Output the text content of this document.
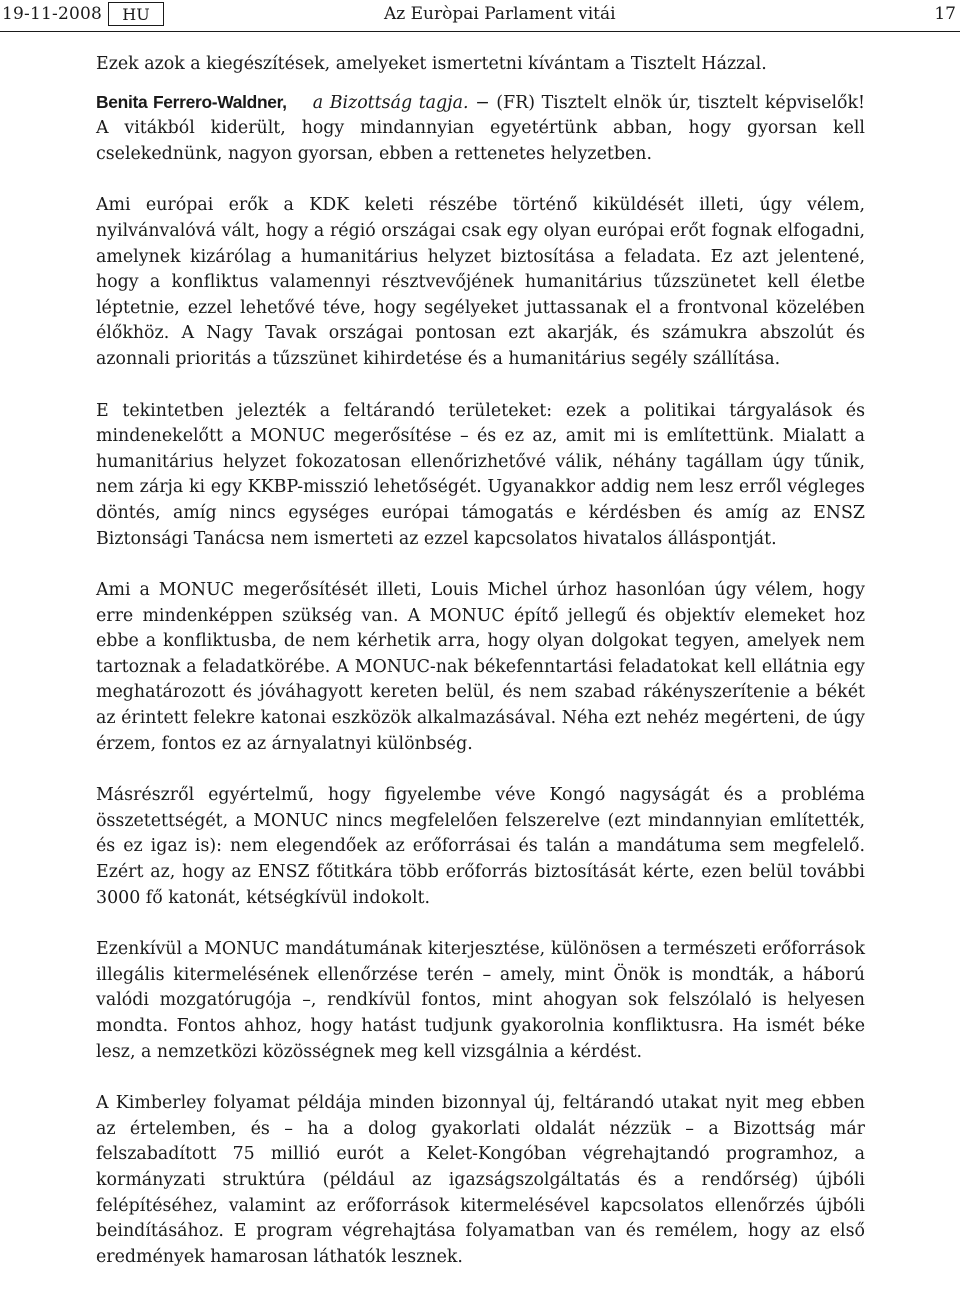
19-11-2008	HU	Az Euròpai Parlament vitái	17

Ezek azok a kiegészítések, amelyeket ismertetni kívántam a Tisztelt Házzal.

Benita Ferrero-Waldner, a Bizottság tagja. − (FR) Tisztelt elnök úr, tisztelt képviselők! A vitákból kiderült, hogy mindannyian egyetértünk abban, hogy gyorsan kell cselekednünk, nagyon gyorsan, ebben a rettenetes helyzetben.

Ami európai erők a KDK keleti részébe történő kiküldését illeti, úgy vélem, nyilvánvalóvá vált, hogy a régió országai csak egy olyan európai erőt fognak elfogadni, amelynek kizárólag a humanitárius helyzet biztosítása a feladata. Ez azt jelentené, hogy a konfliktus valamennyi résztvevőjének humanitárius tűzszünetet kell életbe léptetnie, ezzel lehetővé téve, hogy segélyeket juttassanak el a frontvonal közelében élőkhöz. A Nagy Tavak országai pontosan ezt akarják, és számukra abszolút és azonnali prioritás a tűzszünet kihirdetése és a humanitárius segély szállítása.

E tekintetben jelezték a feltárandó területeket: ezek a politikai tárgyalások és mindenekelőtt a MONUC megerősítése – és ez az, amit mi is említettünk. Mialatt a humanitárius helyzet fokozatosan ellenőrizhetővé válik, néhány tagállam úgy tűnik, nem zárja ki egy KKBP-misszió lehetőségét. Ugyanakkor addig nem lesz erről végleges döntés, amíg nincs egységes európai támogatás e kérdésben és amíg az ENSZ Biztonsági Tanácsa nem ismerteti az ezzel kapcsolatos hivatalos álláspontját.

Ami a MONUC megerősítését illeti, Louis Michel úrhoz hasonlóan úgy vélem, hogy erre mindenképpen szükség van. A MONUC építő jellegű és objektív elemeket hoz ebbe a konfliktusba, de nem kérhetik arra, hogy olyan dolgokat tegyen, amelyek nem tartoznak a feladatkörébe. A MONUC-nak békefenntartási feladatokat kell ellátnia egy meghatározott és jóváhagyott kereten belül, és nem szabad rákényszerítenie a békét az érintett felekre katonai eszközök alkalmazásával. Néha ezt nehéz megérteni, de úgy érzem, fontos ez az árnyalatnyi különbség.

Másrészről egyértelmű, hogy figyelembe véve Kongó nagyságát és a probléma összetettségét, a MONUC nincs megfelelően felszerelve (ezt mindannyian említették, és ez igaz is): nem elegendőek az erőforrásai és talán a mandátuma sem megfelelő. Ezért az, hogy az ENSZ főtitkára több erőforrás biztosítását kérte, ezen belül további 3000 fő katonát, kétségkívül indokolt.

Ezenkívül a MONUC mandátumának kiterjesztése, különösen a természeti erőforrások illegális kitermelésének ellenőrzése terén – amely, mint Önök is mondták, a háború valódi mozgatórugója –, rendkívül fontos, mint ahogyan sok felszólaló is helyesen mondta. Fontos ahhoz, hogy hatást tudjunk gyakorolnia konfliktusra. Ha ismét béke lesz, a nemzetközi közösségnek meg kell vizsgálnia a kérdést.

A Kimberley folyamat példája minden bizonnyal új, feltárandó utakat nyit meg ebben az értelemben, és – ha a dolog gyakorlati oldalát nézzük – a Bizottság már felszabadított 75 millió eurót a Kelet-Kongóban végrehajtandó programhoz, a kormányzati struktúra (például az igazságszolgáltatás és a rendőrség) újbóli felépítéséhez, valamint az erőforrások kitermelésével kapcsolatos ellenőrzés újbóli beindításához. E program végrehajtása folyamatban van és remélem, hogy az első eredmények hamarosan láthatók lesznek.
